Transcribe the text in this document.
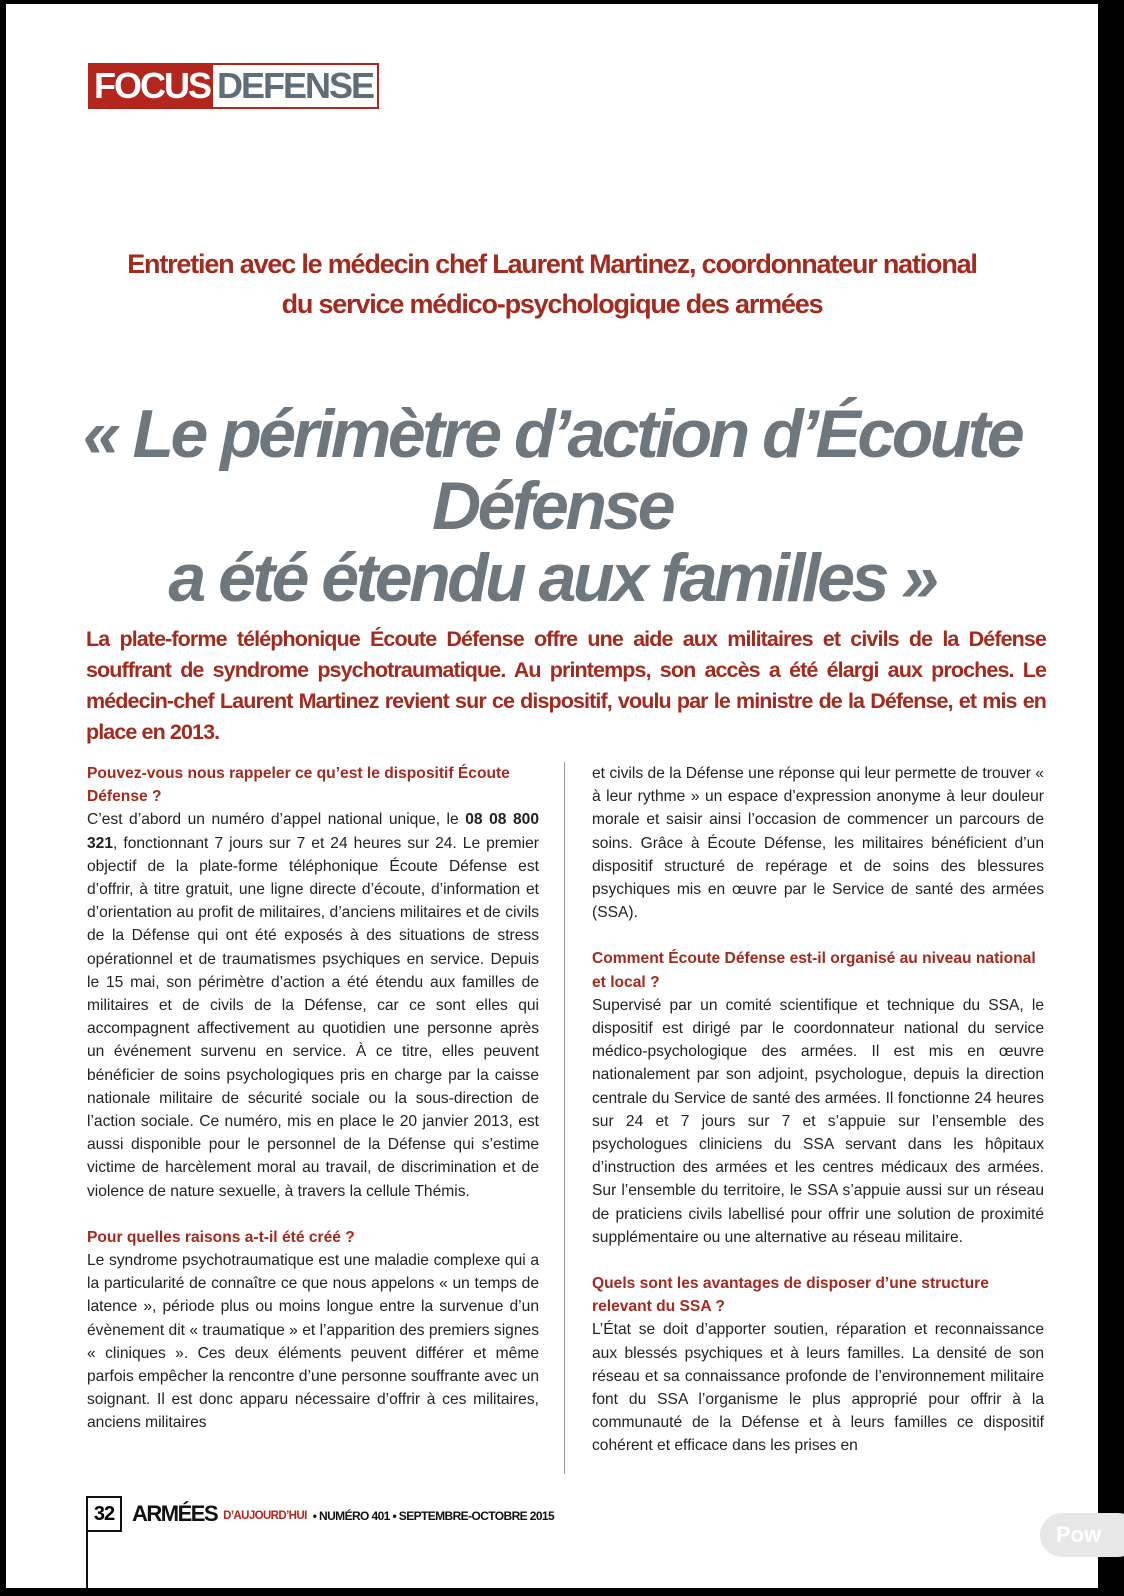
FOCUS DEFENSE
Entretien avec le médecin chef Laurent Martinez, coordonnateur national
du service médico-psychologique des armées
« Le périmètre d’action d’Écoute Défense
a été étendu aux familles »

La plate-forme téléphonique Écoute Défense offre une aide aux militaires et civils de la Défense souffrant de syndrome psychotraumatique. Au printemps, son accès a été élargi aux proches. Le médecin-chef Laurent Martinez revient sur ce dispositif, voulu par le ministre de la Défense, et mis en place en 2013.

Pouvez-vous nous rappeler ce qu’est le dispositif Écoute Défense ?

C’est d’abord un numéro d’appel national unique, le 08 08 800 321, fonctionnant 7 jours sur 7 et 24 heures sur 24. Le premier objectif de la plate-forme téléphonique Écoute Défense est d’offrir, à titre gratuit, une ligne directe d’écoute, d’information et d’orientation au profit de militaires, d’anciens militaires et de civils de la Défense qui ont été exposés à des situations de stress opérationnel et de traumatismes psychiques en service. Depuis le 15 mai, son périmètre d’action a été étendu aux familles de militaires et de civils de la Défense, car ce sont elles qui accompagnent affectivement au quotidien une personne après un événement survenu en service. À ce titre, elles peuvent bénéficier de soins psychologiques pris en charge par la caisse nationale militaire de sécurité sociale ou la sous-direction de l’action sociale. Ce numéro, mis en place le 20 janvier 2013, est aussi disponible pour le personnel de la Défense qui s’estime victime de harcèlement moral au travail, de discrimination et de violence de nature sexuelle, à travers la cellule Thémis.

Pour quelles raisons a-t-il été créé ?

Le syndrome psychotraumatique est une maladie complexe qui a la particularité de connaître ce que nous appelons « un temps de latence », période plus ou moins longue entre la survenue d’un évènement dit « traumatique » et l’apparition des premiers signes « cliniques ». Ces deux éléments peuvent différer et même parfois empêcher la rencontre d’une personne souffrante avec un soignant. Il est donc apparu nécessaire d’offrir à ces militaires, anciens militaires

et civils de la Défense une réponse qui leur permette de trouver « à leur rythme » un espace d’expression anonyme à leur douleur morale et saisir ainsi l’occasion de commencer un parcours de soins. Grâce à Écoute Défense, les militaires bénéficient d’un dispositif structuré de repérage et de soins des blessures psychiques mis en œuvre par le Service de santé des armées (SSA).

Comment Écoute Défense est-il organisé au niveau national et local ?

Supervisé par un comité scientifique et technique du SSA, le dispositif est dirigé par le coordonnateur national du service médico-psychologique des armées. Il est mis en œuvre nationalement par son adjoint, psychologue, depuis la direction centrale du Service de santé des armées. Il fonctionne 24 heures sur 24 et 7 jours sur 7 et s’appuie sur l’ensemble des psychologues cliniciens du SSA servant dans les hôpitaux d’instruction des armées et les centres médicaux des armées. Sur l’ensemble du territoire, le SSA s’appuie aussi sur un réseau de praticiens civils labellisé pour offrir une solution de proximité supplémentaire ou une alternative au réseau militaire.

Quels sont les avantages de disposer d’une structure relevant du SSA ?

L’État se doit d’apporter soutien, réparation et reconnaissance aux blessés psychiques et à leurs familles. La densité de son réseau et sa connaissance profonde de l’environnement militaire font du SSA l’organisme le plus approprié pour offrir à la communauté de la Défense et à leurs familles ce dispositif cohérent et efficace dans les prises en

32 ARMÉES D’AUJOURD’HUI • NUMÉRO 401 • SEPTEMBRE-OCTOBRE 2015
Pow
